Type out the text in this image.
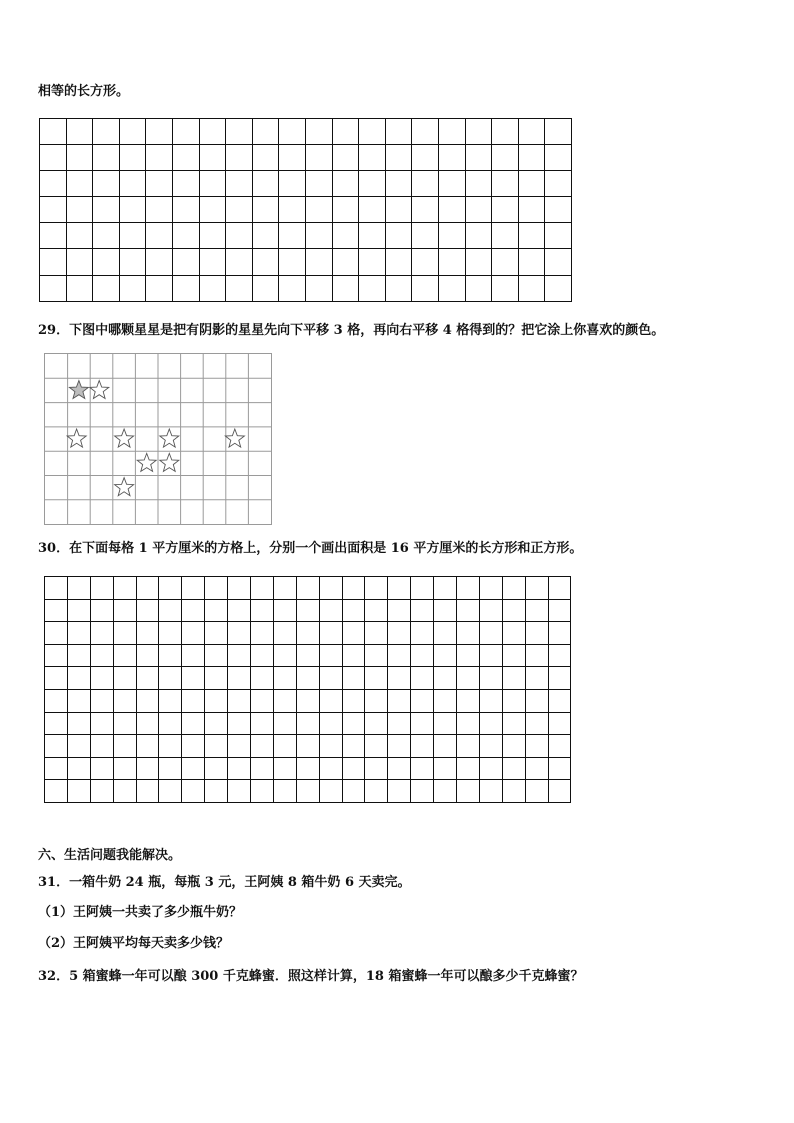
相等的长方形。

29．下图中哪颗星星是把有阴影的星星先向下平移 3 格，再向右平移 4 格得到的？把它涂上你喜欢的颜色。
30．在下面每格 1 平方厘米的方格上，分别一个画出面积是 16 平方厘米的长方形和正方形。

六、生活问题我能解决。
31．一箱牛奶 24 瓶，每瓶 3 元，王阿姨 8 箱牛奶 6 天卖完。
（1）王阿姨一共卖了多少瓶牛奶？
（2）王阿姨平均每天卖多少钱？
32．5 箱蜜蜂一年可以酿 300 千克蜂蜜．照这样计算，18 箱蜜蜂一年可以酿多少千克蜂蜜？
